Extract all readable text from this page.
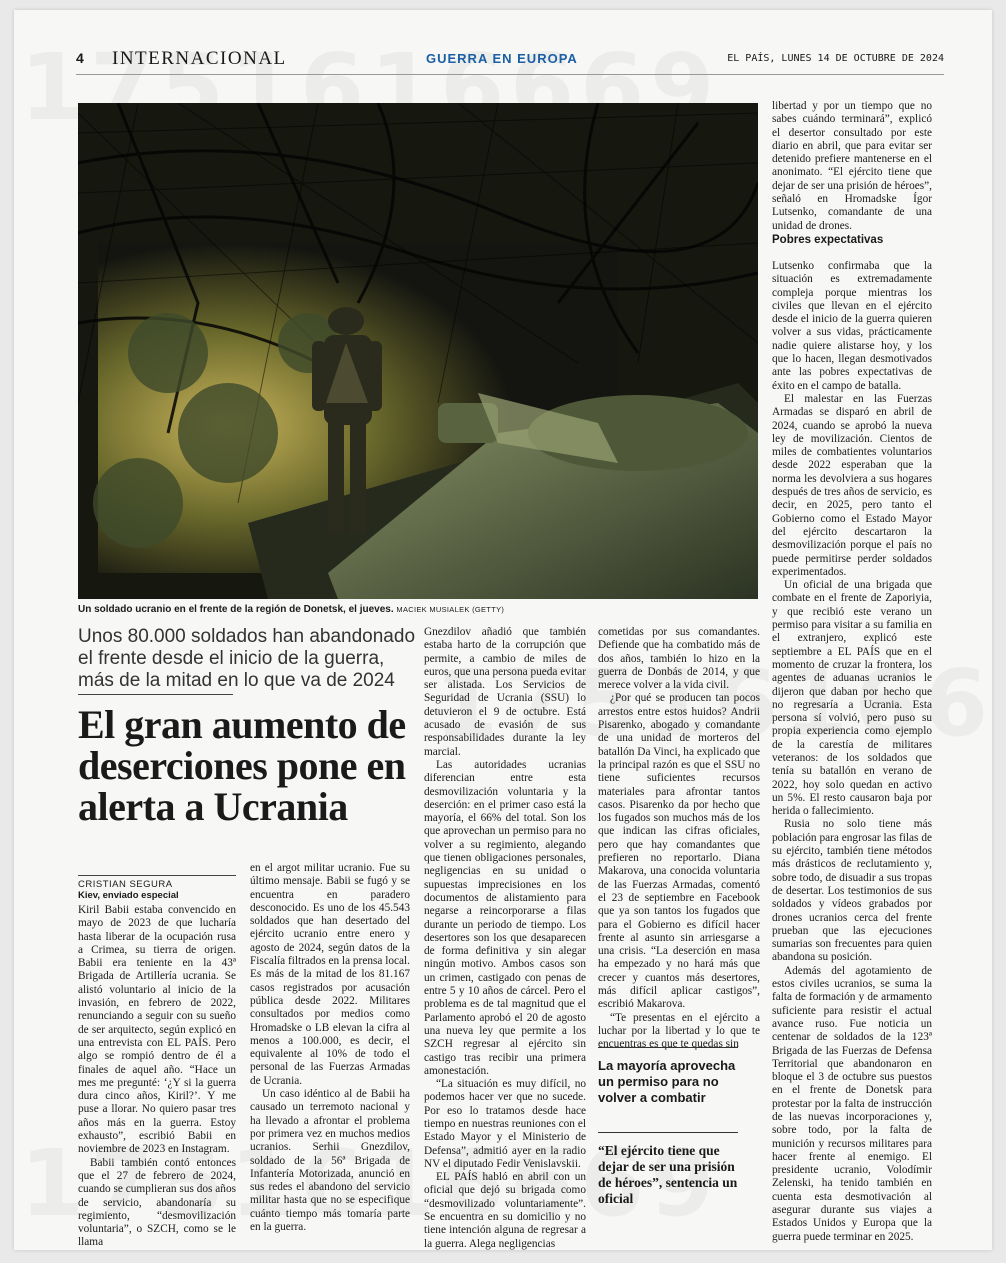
4 INTERNACIONAL	GUERRA EN EUROPA	EL PAÍS, LUNES 14 DE OCTUBRE DE 2024
Un soldado ucranio en el frente de la región de Donetsk, el jueves. MACIEK MUSIALEK (GETTY)
Unos 80.000 soldados han abandonado el frente desde el inicio de la guerra, más de la mitad en lo que va de 2024
El gran aumento de deserciones pone en alerta a Ucrania
CRISTIAN SEGURA
Kiev, enviado especial

Kiril Babii estaba convencido en mayo de 2023 de que lucharía hasta liberar de la ocupación rusa a Crimea, su tierra de origen. Babii era teniente en la 43ª Brigada de Artillería ucrania. Se alistó voluntario al inicio de la invasión, en febrero de 2022, renunciando a seguir con su sueño de ser arquitecto, según explicó en una entrevista con EL PAÍS. Pero algo se rompió dentro de él a finales de aquel año. “Hace un mes me pregunté: ‘¿Y si la guerra dura cinco años, Kiril?’. Y me puse a llorar. No quiero pasar tres años más en la guerra. Estoy exhausto”, escribió Babii en noviembre de 2023 en Instagram.

Babii también contó entonces que el 27 de febrero de 2024, cuando se cumplieran sus dos años de servicio, abandonaría su regimiento, “desmovilización voluntaria”, o SZCH, como se le llama

en el argot militar ucranio. Fue su último mensaje. Babii se fugó y se encuentra en paradero desconocido. Es uno de los 45.543 soldados que han desertado del ejército ucranio entre enero y agosto de 2024, según datos de la Fiscalía filtrados en la prensa local. Es más de la mitad de los 81.167 casos registrados por acusación pública desde 2022. Militares consultados por medios como Hromadske o LB elevan la cifra al menos a 100.000, es decir, el equivalente al 10% de todo el personal de las Fuerzas Armadas de Ucrania.

Un caso idéntico al de Babii ha causado un terremoto nacional y ha llevado a afrontar el problema por primera vez en muchos medios ucranios. Serhii Gnezdilov, soldado de la 56ª Brigada de Infantería Motorizada, anunció en sus redes el abandono del servicio militar hasta que no se especifique cuánto tiempo más tomaría parte en la guerra.

Gnezdilov añadió que también estaba harto de la corrupción que permite, a cambio de miles de euros, que una persona pueda evitar ser alistada. Los Servicios de Seguridad de Ucrania (SSU) lo detuvieron el 9 de octubre. Está acusado de evasión de sus responsabilidades durante la ley marcial.

Las autoridades ucranias diferencian entre esta desmovilización voluntaria y la deserción: en el primer caso está la mayoría, el 66% del total. Son los que aprovechan un permiso para no volver a su regimiento, alegando que tienen obligaciones personales, negligencias en su unidad o supuestas imprecisiones en los documentos de alistamiento para negarse a reincorporarse a filas durante un periodo de tiempo. Los desertores son los que desaparecen de forma definitiva y sin alegar ningún motivo. Ambos casos son un crimen, castigado con penas de entre 5 y 10 años de cárcel. Pero el problema es de tal magnitud que el Parlamento aprobó el 20 de agosto una nueva ley que permite a los SZCH regresar al ejército sin castigo tras recibir una primera amonestación.

“La situación es muy difícil, no podemos hacer ver que no sucede. Por eso lo tratamos desde hace tiempo en nuestras reuniones con el Estado Mayor y el Ministerio de Defensa”, admitió ayer en la radio NV el diputado Fedir Venislavskii.

EL PAÍS habló en abril con un oficial que dejó su brigada como “desmovilizado voluntariamente”. Se encuentra en su domicilio y no tiene intención alguna de regresar a la guerra. Alega negligencias

cometidas por sus comandantes. Defiende que ha combatido más de dos años, también lo hizo en la guerra de Donbás de 2014, y que merece volver a la vida civil.

¿Por qué se producen tan pocos arrestos entre estos huidos? Andrii Pisarenko, abogado y comandante de una unidad de morteros del batallón Da Vinci, ha explicado que la principal razón es que el SSU no tiene suficientes recursos materiales para afrontar tantos casos. Pisarenko da por hecho que los fugados son muchos más de los que indican las cifras oficiales, pero que hay comandantes que prefieren no reportarlo. Diana Makarova, una conocida voluntaria de las Fuerzas Armadas, comentó el 23 de septiembre en Facebook que ya son tantos los fugados que para el Gobierno es difícil hacer frente al asunto sin arriesgarse a una crisis. “La deserción en masa ha empezado y no hará más que crecer y cuantos más desertores, más difícil aplicar castigos”, escribió Makarova.

“Te presentas en el ejército a luchar por la libertad y lo que te encuentras es que te quedas sin

La mayoría aprovecha un permiso para no volver a combatir
“El ejército tiene que dejar de ser una prisión de héroes”, sentencia un oficial

libertad y por un tiempo que no sabes cuándo terminará”, explicó el desertor consultado por este diario en abril, que para evitar ser detenido prefiere mantenerse en el anonimato. “El ejército tiene que dejar de ser una prisión de héroes”, señaló en Hromadske Ígor Lutsenko, comandante de una unidad de drones.

Pobres expectativas

Lutsenko confirmaba que la situación es extremadamente compleja porque mientras los civiles que llevan en el ejército desde el inicio de la guerra quieren volver a sus vidas, prácticamente nadie quiere alistarse hoy, y los que lo hacen, llegan desmotivados ante las pobres expectativas de éxito en el campo de batalla.

El malestar en las Fuerzas Armadas se disparó en abril de 2024, cuando se aprobó la nueva ley de movilización. Cientos de miles de combatientes voluntarios desde 2022 esperaban que la norma les devolviera a sus hogares después de tres años de servicio, es decir, en 2025, pero tanto el Gobierno como el Estado Mayor del ejército descartaron la desmovilización porque el país no puede permitirse perder soldados experimentados.

Un oficial de una brigada que combate en el frente de Zaporiyia, y que recibió este verano un permiso para visitar a su familia en el extranjero, explicó este septiembre a EL PAÍS que en el momento de cruzar la frontera, los agentes de aduanas ucranios le dijeron que daban por hecho que no regresaría a Ucrania. Esta persona sí volvió, pero puso su propia experiencia como ejemplo de la carestía de militares veteranos: de los soldados que tenía su batallón en verano de 2022, hoy solo quedan en activo un 5%. El resto causaron baja por herida o fallecimiento.

Rusia no solo tiene más población para engrosar las filas de su ejército, también tiene métodos más drásticos de reclutamiento y, sobre todo, de disuadir a sus tropas de desertar. Los testimonios de sus soldados y vídeos grabados por drones ucranios cerca del frente prueban que las ejecuciones sumarias son frecuentes para quien abandona su posición.

Además del agotamiento de estos civiles ucranios, se suma la falta de formación y de armamento suficiente para resistir el actual avance ruso. Fue noticia un centenar de soldados de la 123ª Brigada de las Fuerzas de Defensa Territorial que abandonaron en bloque el 3 de octubre sus puestos en el frente de Donetsk para protestar por la falta de instrucción de las nuevas incorporaciones y, sobre todo, por la falta de munición y recursos militares para hacer frente al enemigo. El presidente ucranio, Volodímir Zelenski, ha tenido también en cuenta esta desmotivación al asegurar durante sus viajes a Estados Unidos y Europa que la guerra puede terminar en 2025.
